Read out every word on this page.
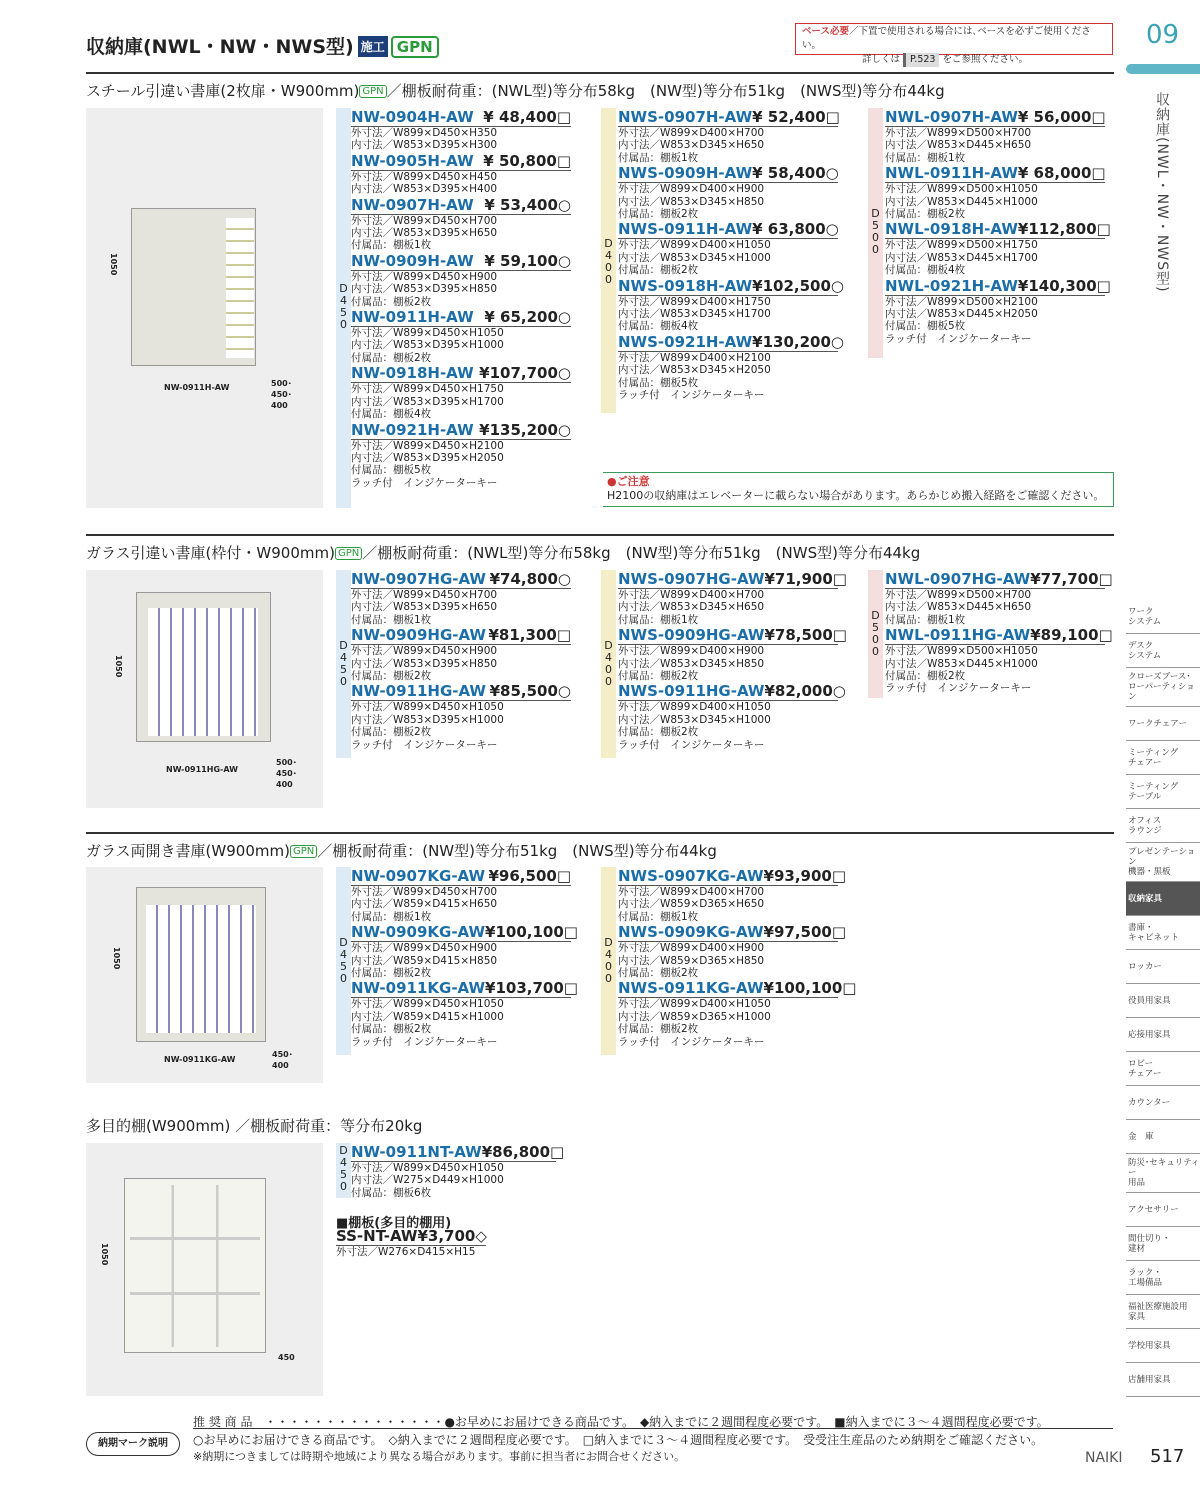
収納庫(NWL・NW・NWS型) 施工 GPN
ベース必要／下置で使用される場合には､ベースを必ずご使用ください。
詳しくは P.523 をご参照ください。
09
収納庫(NWL・NW・NWS型)
スチール引違い書庫(2枚扉・W900mm) GPN ／棚板耐荷重：(NWL型)等分布58kg　(NW型)等分布51kg　(NWS型)等分布44kg
1050
NW-0911H-AW	500･
450･
400
D
4
5
0
D
4
0
0
D
5
0
0
NW-0904H-AW ¥ 48,400□
外寸法／W899×D450×H350
内寸法／W853×D395×H300
NW-0905H-AW ¥ 50,800□
外寸法／W899×D450×H450
内寸法／W853×D395×H400
NW-0907H-AW ¥ 53,400○
外寸法／W899×D450×H700
内寸法／W853×D395×H650
付属品：棚板1枚
NW-0909H-AW ¥ 59,100○
外寸法／W899×D450×H900
内寸法／W853×D395×H850
付属品：棚板2枚
NW-0911H-AW ¥ 65,200○
外寸法／W899×D450×H1050
内寸法／W853×D395×H1000
付属品：棚板2枚
NW-0918H-AW ¥107,700○
外寸法／W899×D450×H1750
内寸法／W853×D395×H1700
付属品：棚板4枚
NW-0921H-AW ¥135,200○
外寸法／W899×D450×H2100
内寸法／W853×D395×H2050
付属品：棚板5枚
ラッチ付　インジケーターキー
NWS-0907H-AW ¥ 52,400□
外寸法／W899×D400×H700
内寸法／W853×D345×H650
付属品：棚板1枚
NWS-0909H-AW ¥ 58,400○
外寸法／W899×D400×H900
内寸法／W853×D345×H850
付属品：棚板2枚
NWS-0911H-AW ¥ 63,800○
外寸法／W899×D400×H1050
内寸法／W853×D345×H1000
付属品：棚板2枚
NWS-0918H-AW ¥102,500○
外寸法／W899×D400×H1750
内寸法／W853×D345×H1700
付属品：棚板4枚
NWS-0921H-AW ¥130,200○
外寸法／W899×D400×H2100
内寸法／W853×D345×H2050
付属品：棚板5枚
ラッチ付　インジケーターキー
NWL-0907H-AW ¥ 56,000□
外寸法／W899×D500×H700
内寸法／W853×D445×H650
付属品：棚板1枚
NWL-0911H-AW ¥ 68,000□
外寸法／W899×D500×H1050
内寸法／W853×D445×H1000
付属品：棚板2枚
NWL-0918H-AW ¥112,800□
外寸法／W899×D500×H1750
内寸法／W853×D445×H1700
付属品：棚板4枚
NWL-0921H-AW ¥140,300□
外寸法／W899×D500×H2100
内寸法／W853×D445×H2050
付属品：棚板5枚
ラッチ付　インジケーターキー
●ご注意
H2100の収納庫はエレベーターに載らない場合があります。あらかじめ搬入経路をご確認ください。
ガラス引違い書庫(枠付・W900mm) GPN ／棚板耐荷重：(NWL型)等分布58kg　(NW型)等分布51kg　(NWS型)等分布44kg
1050
NW-0911HG-AW
500･
450･
400
D
4
5
0
D
4
0
0
D
5
0
0
NW-0907HG-AW ¥74,800○
外寸法／W899×D450×H700
内寸法／W853×D395×H650
付属品：棚板1枚
NW-0909HG-AW ¥81,300□
外寸法／W899×D450×H900
内寸法／W853×D395×H850
付属品：棚板2枚
NW-0911HG-AW ¥85,500○
外寸法／W899×D450×H1050
内寸法／W853×D395×H1000
付属品：棚板2枚
ラッチ付　インジケーターキー
NWS-0907HG-AW ¥71,900□
外寸法／W899×D400×H700
内寸法／W853×D345×H650
付属品：棚板1枚
NWS-0909HG-AW ¥78,500□
外寸法／W899×D400×H900
内寸法／W853×D345×H850
付属品：棚板2枚
NWS-0911HG-AW ¥82,000○
外寸法／W899×D400×H1050
内寸法／W853×D345×H1000
付属品：棚板2枚
ラッチ付　インジケーターキー
NWL-0907HG-AW ¥77,700□
外寸法／W899×D500×H700
内寸法／W853×D445×H650
付属品：棚板1枚
NWL-0911HG-AW ¥89,100□
外寸法／W899×D500×H1050
内寸法／W853×D445×H1000
付属品：棚板2枚
ラッチ付　インジケーターキー
ガラス両開き書庫(W900mm) GPN ／棚板耐荷重：(NW型)等分布51kg　(NWS型)等分布44kg
1050
NW-0911KG-AW
450･
400
D
4
5
0
D
4
0
0
NW-0907KG-AW ¥96,500□
外寸法／W899×D450×H700
内寸法／W859×D415×H650
付属品：棚板1枚
NW-0909KG-AW ¥100,100□
外寸法／W899×D450×H900
内寸法／W859×D415×H850
付属品：棚板2枚
NW-0911KG-AW ¥103,700□
外寸法／W899×D450×H1050
内寸法／W859×D415×H1000
付属品：棚板2枚
ラッチ付　インジケーターキー
NWS-0907KG-AW ¥93,900□
外寸法／W899×D400×H700
内寸法／W859×D365×H650
付属品：棚板1枚
NWS-0909KG-AW ¥97,500□
外寸法／W899×D400×H900
内寸法／W859×D365×H850
付属品：棚板2枚
NWS-0911KG-AW ¥100,100□
外寸法／W899×D400×H1050
内寸法／W859×D365×H1000
付属品：棚板2枚
ラッチ付　インジケーターキー
多目的棚(W900mm) ／棚板耐荷重：等分布20kg
1050
450
D
4
5
0
NW-0911NT-AW ¥86,800□
外寸法／W899×D450×H1050
内寸法／W275×D449×H1000
付属品：棚板6枚
■棚板(多目的棚用)
SS-NT-AW ¥3,700◇
外寸法／W276×D415×H15
ワーク
システム
デスク
システム
クローズブース･
ローパーティション
ワークチェアー
ミーティング
チェアー
ミーティング
テーブル
オフィス
ラウンジ
プレゼンテーション
機器・黒板
収納家具
書庫・
キャビネット
ロッカー
役員用家具
応接用家具
ロビー
チェアー
カウンター
金　庫
防災･セキュリティー
用品
アクセサリー
間仕切り・
建材
ラック・
工場備品
福祉医療施設用
家具
学校用家具
店舗用家具
納期マーク説明
推 奨 商 品　・・・・・・・・・・・・・・・●お早めにお届けできる商品です。　◆納入までに２週間程度必要です。　■納入までに３～４週間程度必要です。
○お早めにお届けできる商品です。　◇納入までに２週間程度必要です。　□納入までに３～４週間程度必要です。　受受注生産品のため納期をご確認ください。
※納期につきましては時期や地域により異なる場合があります。事前に担当者にお問合せください。	NAIKI 517
